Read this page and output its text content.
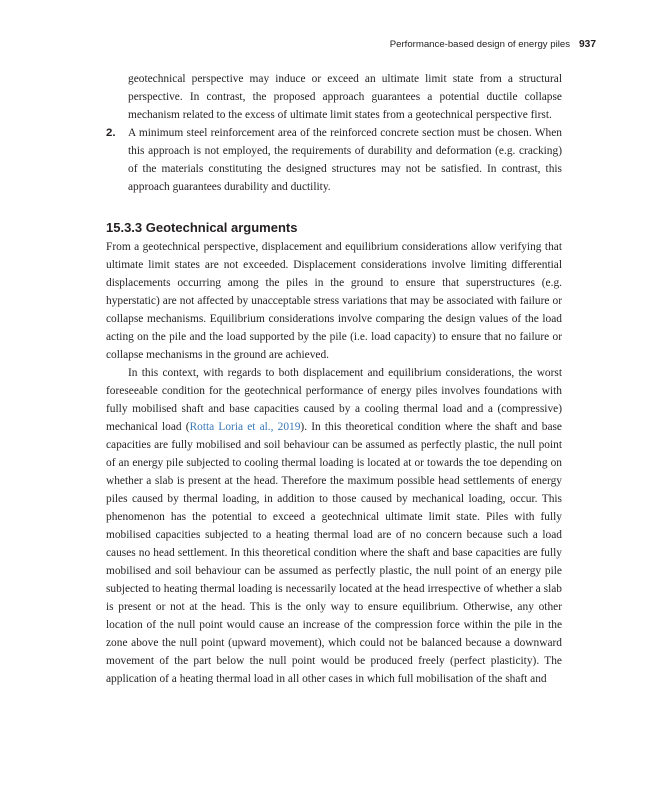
Performance-based design of energy piles 937

geotechnical perspective may induce or exceed an ultimate limit state from a structural perspective. In contrast, the proposed approach guarantees a potential ductile collapse mechanism related to the excess of ultimate limit states from a geotechnical perspective first.

2.	A minimum steel reinforcement area of the reinforced concrete section must be chosen. When this approach is not employed, the requirements of durability and deformation (e.g. cracking) of the materials constituting the designed structures may not be satisfied. In contrast, this approach guarantees durability and ductility.

15.3.3 Geotechnical arguments

From a geotechnical perspective, displacement and equilibrium considerations allow verifying that ultimate limit states are not exceeded. Displacement considerations involve limiting differential displacements occurring among the piles in the ground to ensure that superstructures (e.g. hyperstatic) are not affected by unacceptable stress variations that may be associated with failure or collapse mechanisms. Equilibrium considerations involve comparing the design values of the load acting on the pile and the load supported by the pile (i.e. load capacity) to ensure that no failure or collapse mechanisms in the ground are achieved.

In this context, with regards to both displacement and equilibrium considerations, the worst foreseeable condition for the geotechnical performance of energy piles involves foundations with fully mobilised shaft and base capacities caused by a cooling thermal load and a (compressive) mechanical load (Rotta Loria et al., 2019). In this theoretical condition where the shaft and base capacities are fully mobilised and soil behaviour can be assumed as perfectly plastic, the null point of an energy pile subjected to cooling thermal loading is located at or towards the toe depending on whether a slab is present at the head. Therefore the maximum possible head settlements of energy piles caused by thermal loading, in addition to those caused by mechanical loading, occur. This phenomenon has the potential to exceed a geotechnical ultimate limit state. Piles with fully mobilised capacities subjected to a heating thermal load are of no concern because such a load causes no head settlement. In this theoretical condition where the shaft and base capacities are fully mobilised and soil behaviour can be assumed as perfectly plastic, the null point of an energy pile subjected to heating thermal loading is necessarily located at the head irrespective of whether a slab is present or not at the head. This is the only way to ensure equilibrium. Otherwise, any other location of the null point would cause an increase of the compression force within the pile in the zone above the null point (upward movement), which could not be balanced because a downward movement of the part below the null point would be produced freely (perfect plasticity). The application of a heating thermal load in all other cases in which full mobilisation of the shaft and
